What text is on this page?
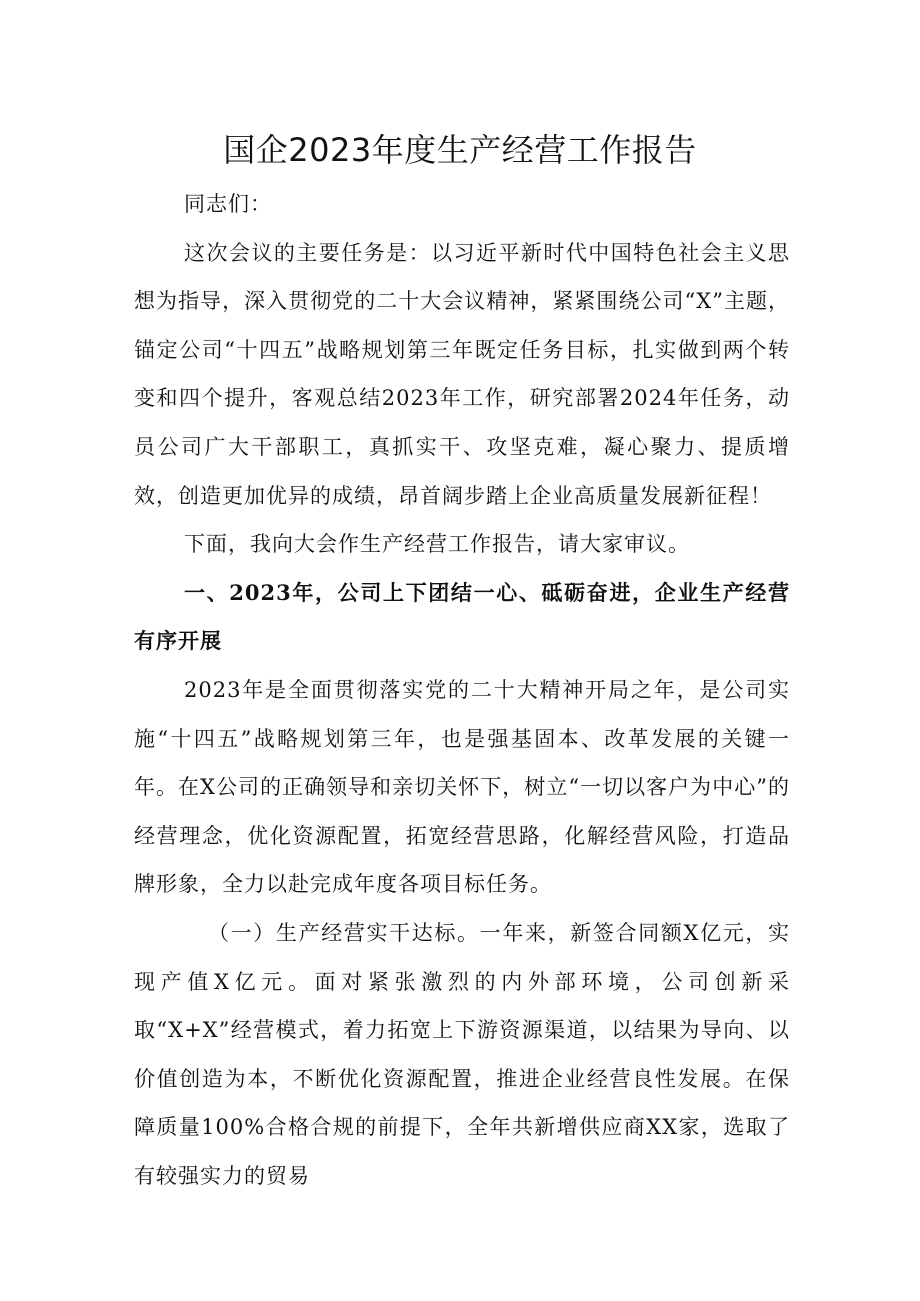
国企2023年度生产经营工作报告

同志们：

这次会议的主要任务是：以习近平新时代中国特色社会主义思想为指导，深入贯彻党的二十大会议精神，紧紧围绕公司“X”主题，锚定公司“十四五”战略规划第三年既定任务目标，扎实做到两个转变和四个提升，客观总结2023年工作，研究部署2024年任务，动员公司广大干部职工，真抓实干、攻坚克难，凝心聚力、提质增效，创造更加优异的成绩，昂首阔步踏上企业高质量发展新征程！

下面，我向大会作生产经营工作报告，请大家审议。

一、2023年，公司上下团结一心、砥砺奋进，企业生产经营有序开展

2023年是全面贯彻落实党的二十大精神开局之年，是公司实施“十四五”战略规划第三年，也是强基固本、改革发展的关键一年。在X公司的正确领导和亲切关怀下，树立“一切以客户为中心”的经营理念，优化资源配置，拓宽经营思路，化解经营风险，打造品牌形象，全力以赴完成年度各项目标任务。

（一）生产经营实干达标。一年来，新签合同额X亿元，实现产值X亿元。面对紧张激烈的内外部环境，公司创新采取“X+X”经营模式，着力拓宽上下游资源渠道，以结果为导向、以价值创造为本，不断优化资源配置，推进企业经营良性发展。在保障质量100%合格合规的前提下，全年共新增供应商XX家，选取了有较强实力的贸易
